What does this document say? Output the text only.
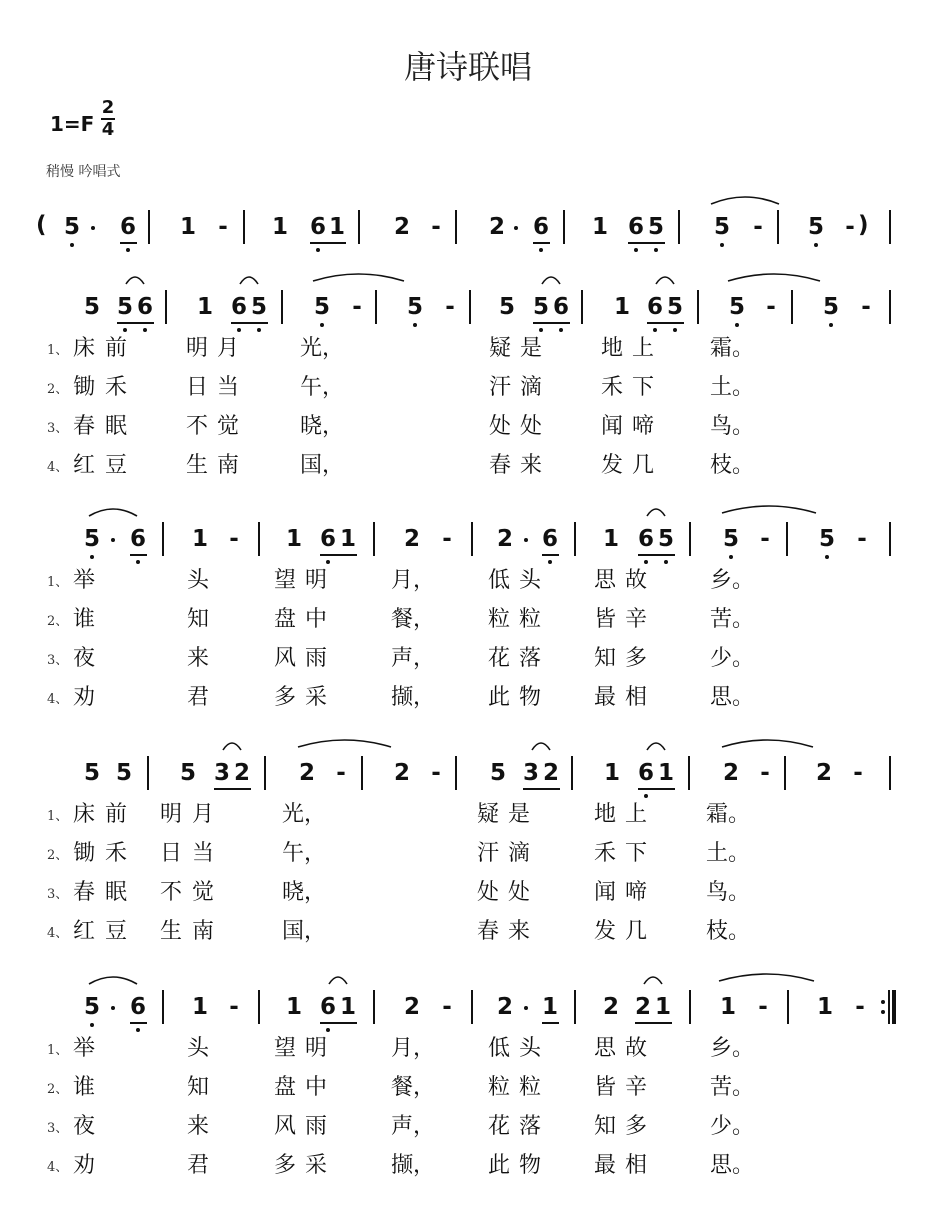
唐诗联唱
1=F
2
4
稍慢 吟唱式
5 6 1 - 1 6 1 2 - 2 6 1 6 5 5 - 5 -
(	)
5 5 6 1 6 5 5 - 5 - 5 5 6 1 6 5 5 - 5 -
1、 床 前	明 月	光，	疑 是	地 上	霜。
2、 锄 禾	日 当	午，	汗 滴	禾 下	土。
3、 春 眠	不 觉	晓，	处 处	闻 啼	鸟。
4、 红 豆	生 南	国，	春 来	发 几	枝。
5 6 1 - 1 6 1 2 - 2 6 1 6 5 5 - 5 -
1、 举	头	望 明	月， 低 头 思 故	乡。
2、 谁	知	盘 中	餐， 粒 粒 皆 辛	苦。
3、 夜	来	风 雨	声， 花 落 知 多	少。
4、 劝	君	多 采	撷， 此 物 最 相	思。
5 5 5 3 2 2 - 2 - 5 3 2 1 6 1 2 - 2 -
1、 床 前 明 月	光，	疑 是	地 上	霜。
2、 锄 禾 日 当	午，	汗 滴	禾 下	土。
3、 春 眠 不 觉	晓，	处 处	闻 啼	鸟。
4、 红 豆 生 南	国，	春 来	发 几	枝。
5 6 1 - 1 6 1 2 - 2 1 2 2 1 1 - 1 -
1、 举	头	望 明	月， 低 头 思 故	乡。
2、 谁	知	盘 中	餐， 粒 粒 皆 辛	苦。
3、 夜	来	风 雨	声， 花 落 知 多	少。
4、 劝	君	多 采	撷， 此 物 最 相	思。
